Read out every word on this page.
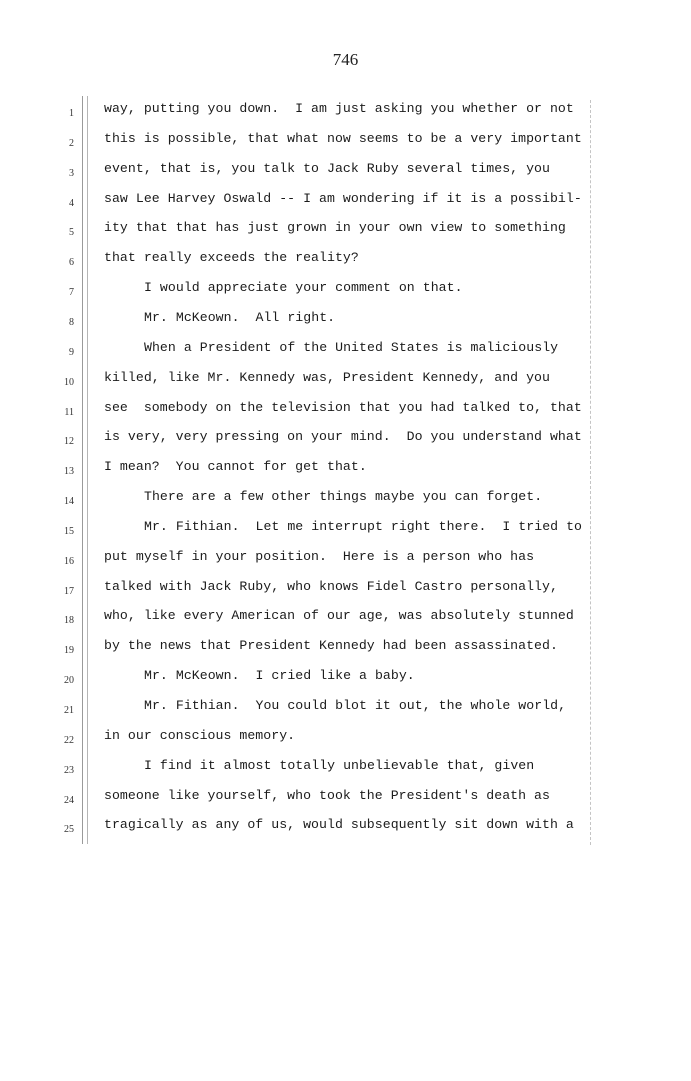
746
1 way, putting you down.  I am just asking you whether or not
2 this is possible, that what now seems to be a very important
3 event, that is, you talk to Jack Ruby several times, you
4 saw Lee Harvey Oswald -- I am wondering if it is a possibil-
5 ity that that has just grown in your own view to something
6 that really exceeds the reality?
7	I would appreciate your comment on that.
8	Mr. McKeown.  All right.
9	When a President of the United States is maliciously
10 killed, like Mr. Kennedy was, President Kennedy, and you
11 see  somebody on the television that you had talked to, that
12 is very, very pressing on your mind.  Do you understand what
13 I mean?  You cannot for get that.
14	There are a few other things maybe you can forget.
15	Mr. Fithian.  Let me interrupt right there.  I tried to
16 put myself in your position.  Here is a person who has
17 talked with Jack Ruby, who knows Fidel Castro personally,
18 who, like every American of our age, was absolutely stunned
19 by the news that President Kennedy had been assassinated.
20	Mr. McKeown.  I cried like a baby.
21	Mr. Fithian.  You could blot it out, the whole world,
22 in our conscious memory.
23	I find it almost totally unbelievable that, given
24 someone like yourself, who took the President's death as
25 tragically as any of us, would subsequently sit down with a
